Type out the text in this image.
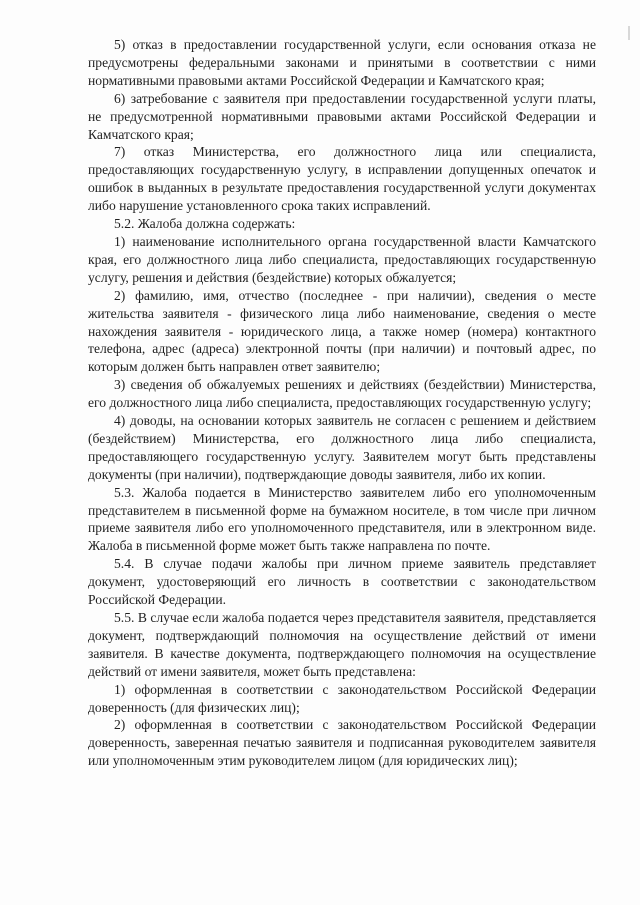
5) отказ в предоставлении государственной услуги, если основания отказа не предусмотрены федеральными законами и принятыми в соответствии с ними нормативными правовыми актами Российской Федерации и Камчатского края;

6) затребование с заявителя при предоставлении государственной услуги платы, не предусмотренной нормативными правовыми актами Российской Федерации и Камчатского края;

7) отказ Министерства, его должностного лица или специалиста, предоставляющих государственную услугу, в исправлении допущенных опечаток и ошибок в выданных в результате предоставления государственной услуги документах либо нарушение установленного срока таких исправлений.

5.2. Жалоба должна содержать:

1) наименование исполнительного органа государственной власти Камчатского края, его должностного лица либо специалиста, предоставляющих государственную услугу, решения и действия (бездействие) которых обжалуется;

2) фамилию, имя, отчество (последнее - при наличии), сведения о месте жительства заявителя - физического лица либо наименование, сведения о месте нахождения заявителя - юридического лица, а также номер (номера) контактного телефона, адрес (адреса) электронной почты (при наличии) и почтовый адрес, по которым должен быть направлен ответ заявителю;

3) сведения об обжалуемых решениях и действиях (бездействии) Министерства, его должностного лица либо специалиста, предоставляющих государственную услугу;

4) доводы, на основании которых заявитель не согласен с решением и действием (бездействием) Министерства, его должностного лица либо специалиста, предоставляющего государственную услугу. Заявителем могут быть представлены документы (при наличии), подтверждающие доводы заявителя, либо их копии.

5.3. Жалоба подается в Министерство заявителем либо его уполномоченным представителем в письменной форме на бумажном носителе, в том числе при личном приеме заявителя либо его уполномоченного представителя, или в электронном виде. Жалоба в письменной форме может быть также направлена по почте.

5.4. В случае подачи жалобы при личном приеме заявитель представляет документ, удостоверяющий его личность в соответствии с законодательством Российской Федерации.

5.5. В случае если жалоба подается через представителя заявителя, представляется документ, подтверждающий полномочия на осуществление действий от имени заявителя. В качестве документа, подтверждающего полномочия на осуществление действий от имени заявителя, может быть представлена:

1) оформленная в соответствии с законодательством Российской Федерации доверенность (для физических лиц);

2) оформленная в соответствии с законодательством Российской Федерации доверенность, заверенная печатью заявителя и подписанная руководителем заявителя или уполномоченным этим руководителем лицом (для юридических лиц);
